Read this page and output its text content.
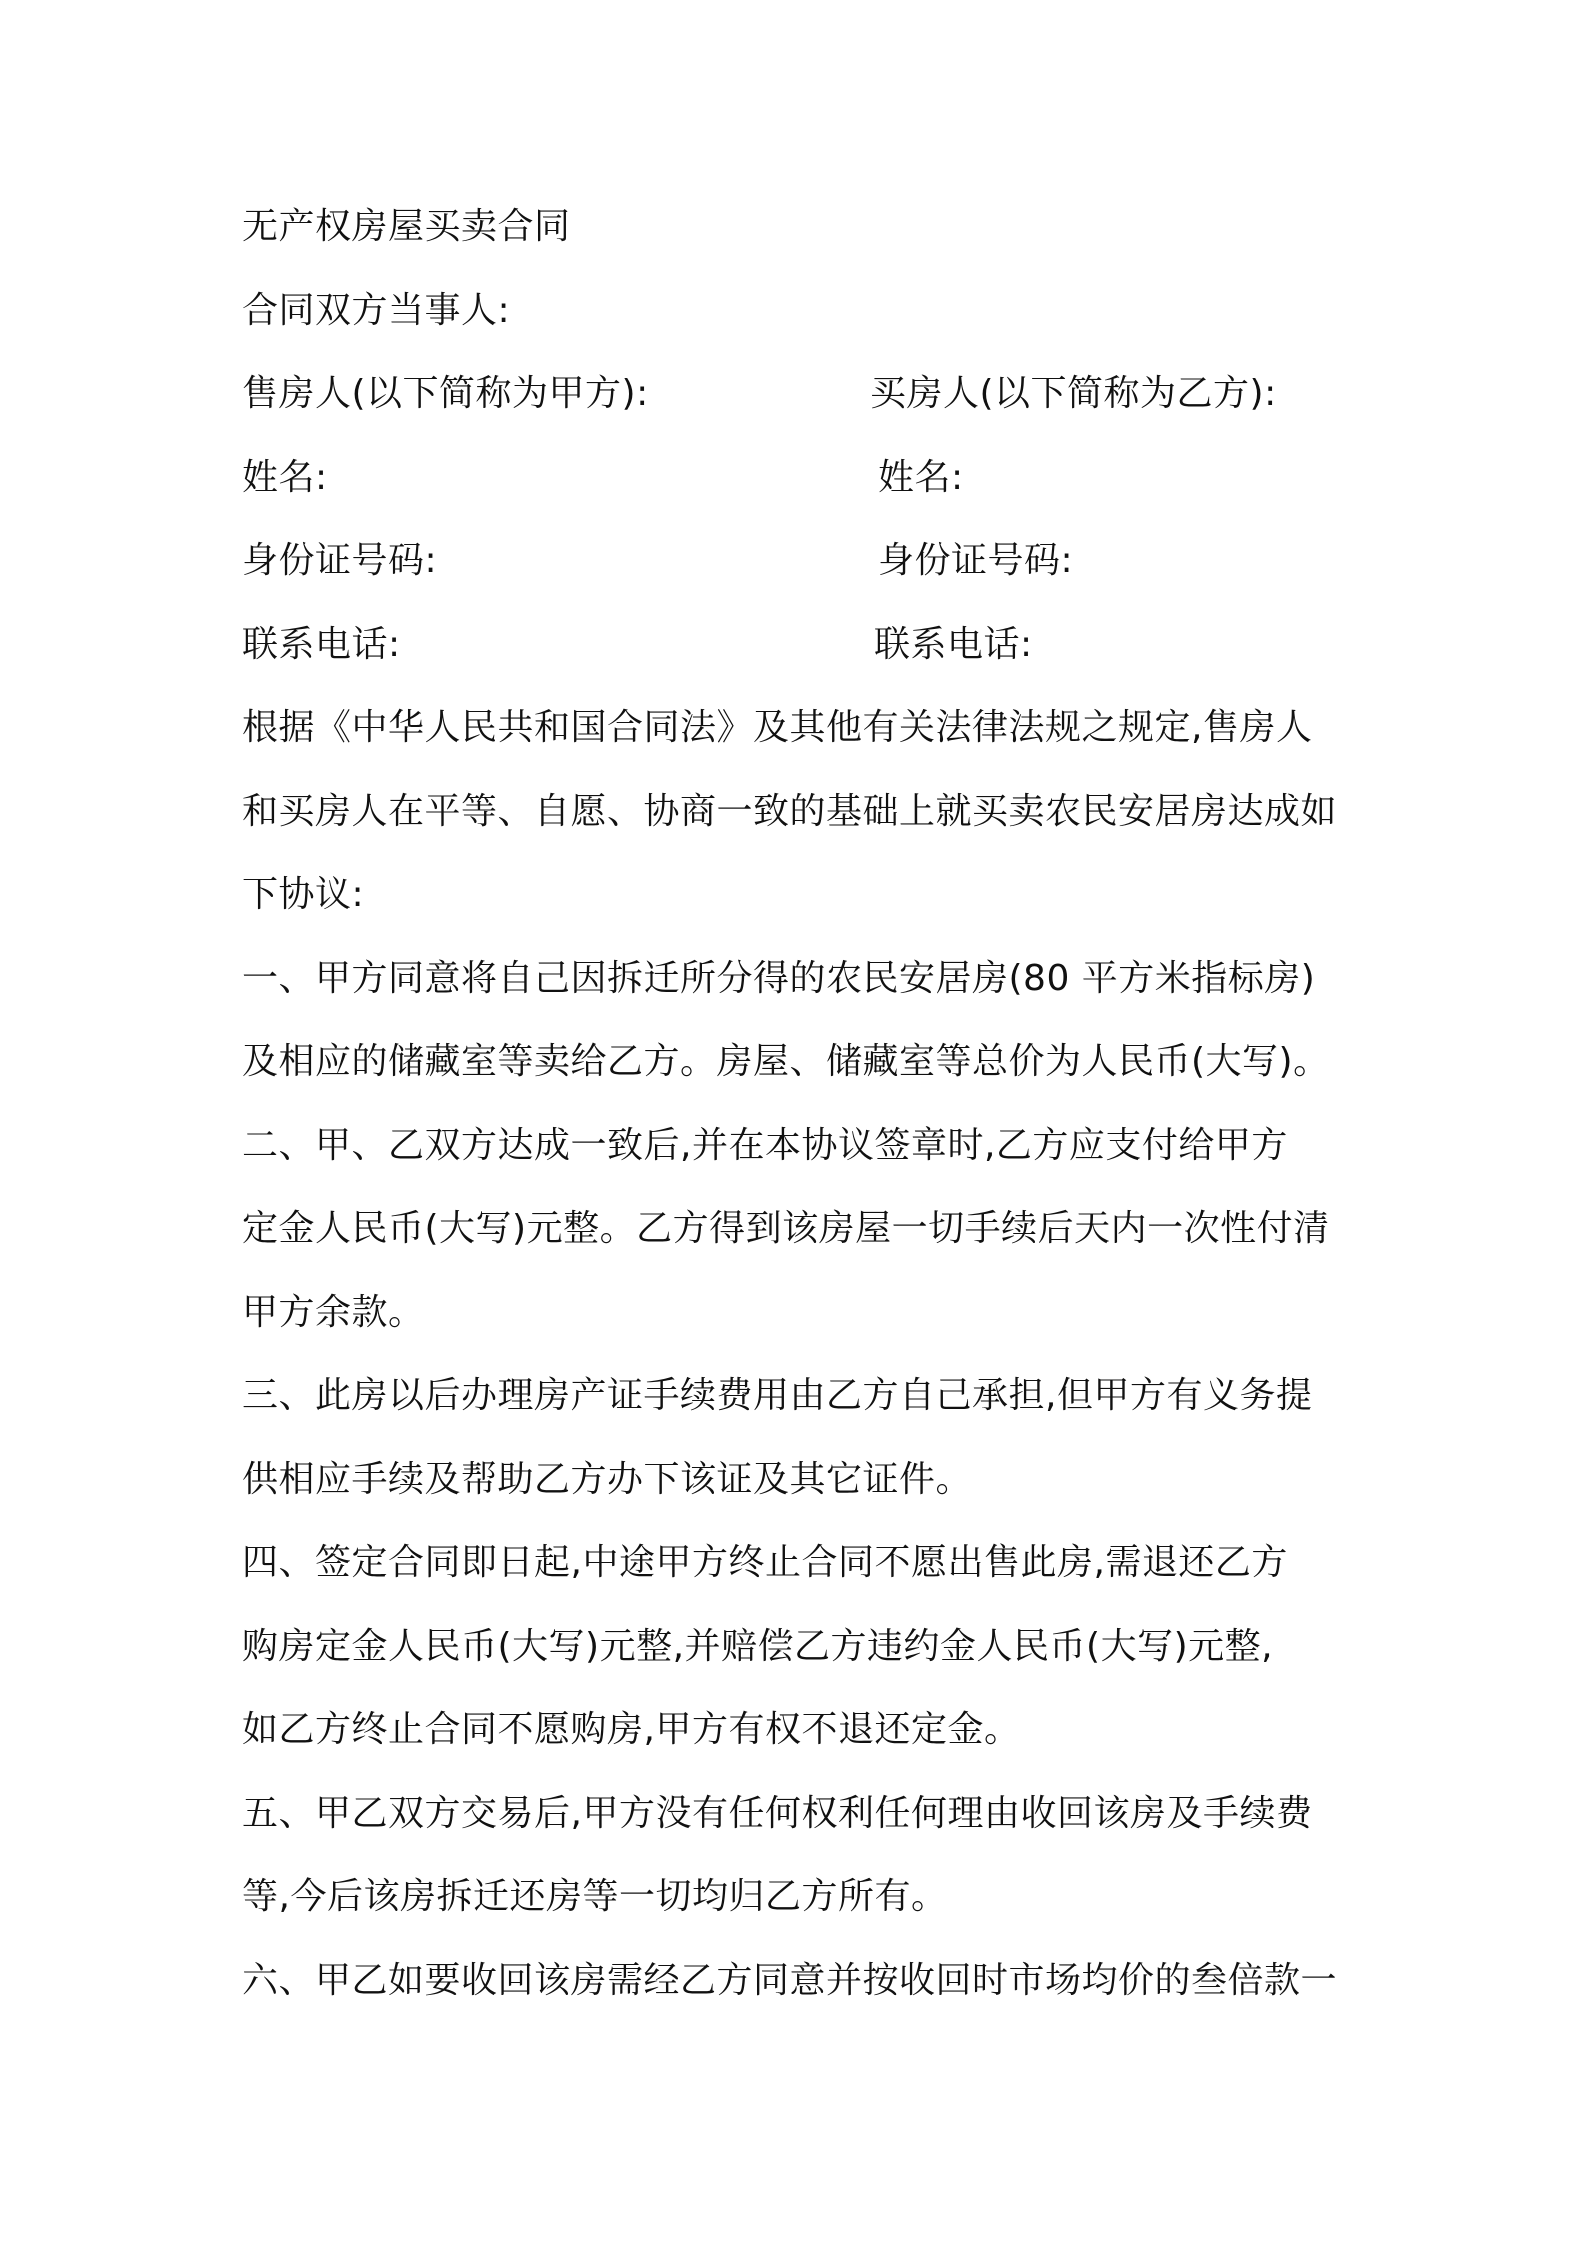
无产权房屋买卖合同
合同双方当事人:
售房人(以下简称为甲方):	买房人(以下简称为乙方):
姓名:	姓名:
身份证号码:	身份证号码:
联系电话:	联系电话:
根据《中华人民共和国合同法》及其他有关法律法规之规定,售房人
和买房人在平等、自愿、协商一致的基础上就买卖农民安居房达成如
下协议:
一、甲方同意将自己因拆迁所分得的农民安居房(80 平方米指标房)
及相应的储藏室等卖给乙方。房屋、储藏室等总价为人民币(大写)。
二、甲、乙双方达成一致后,并在本协议签章时,乙方应支付给甲方
定金人民币(大写)元整。乙方得到该房屋一切手续后天内一次性付清
甲方余款。
三、此房以后办理房产证手续费用由乙方自己承担,但甲方有义务提
供相应手续及帮助乙方办下该证及其它证件。
四、签定合同即日起,中途甲方终止合同不愿出售此房,需退还乙方
购房定金人民币(大写)元整,并赔偿乙方违约金人民币(大写)元整,
如乙方终止合同不愿购房,甲方有权不退还定金。
五、甲乙双方交易后,甲方没有任何权利任何理由收回该房及手续费
等,今后该房拆迁还房等一切均归乙方所有。
六、甲乙如要收回该房需经乙方同意并按收回时市场均价的叁倍款一
